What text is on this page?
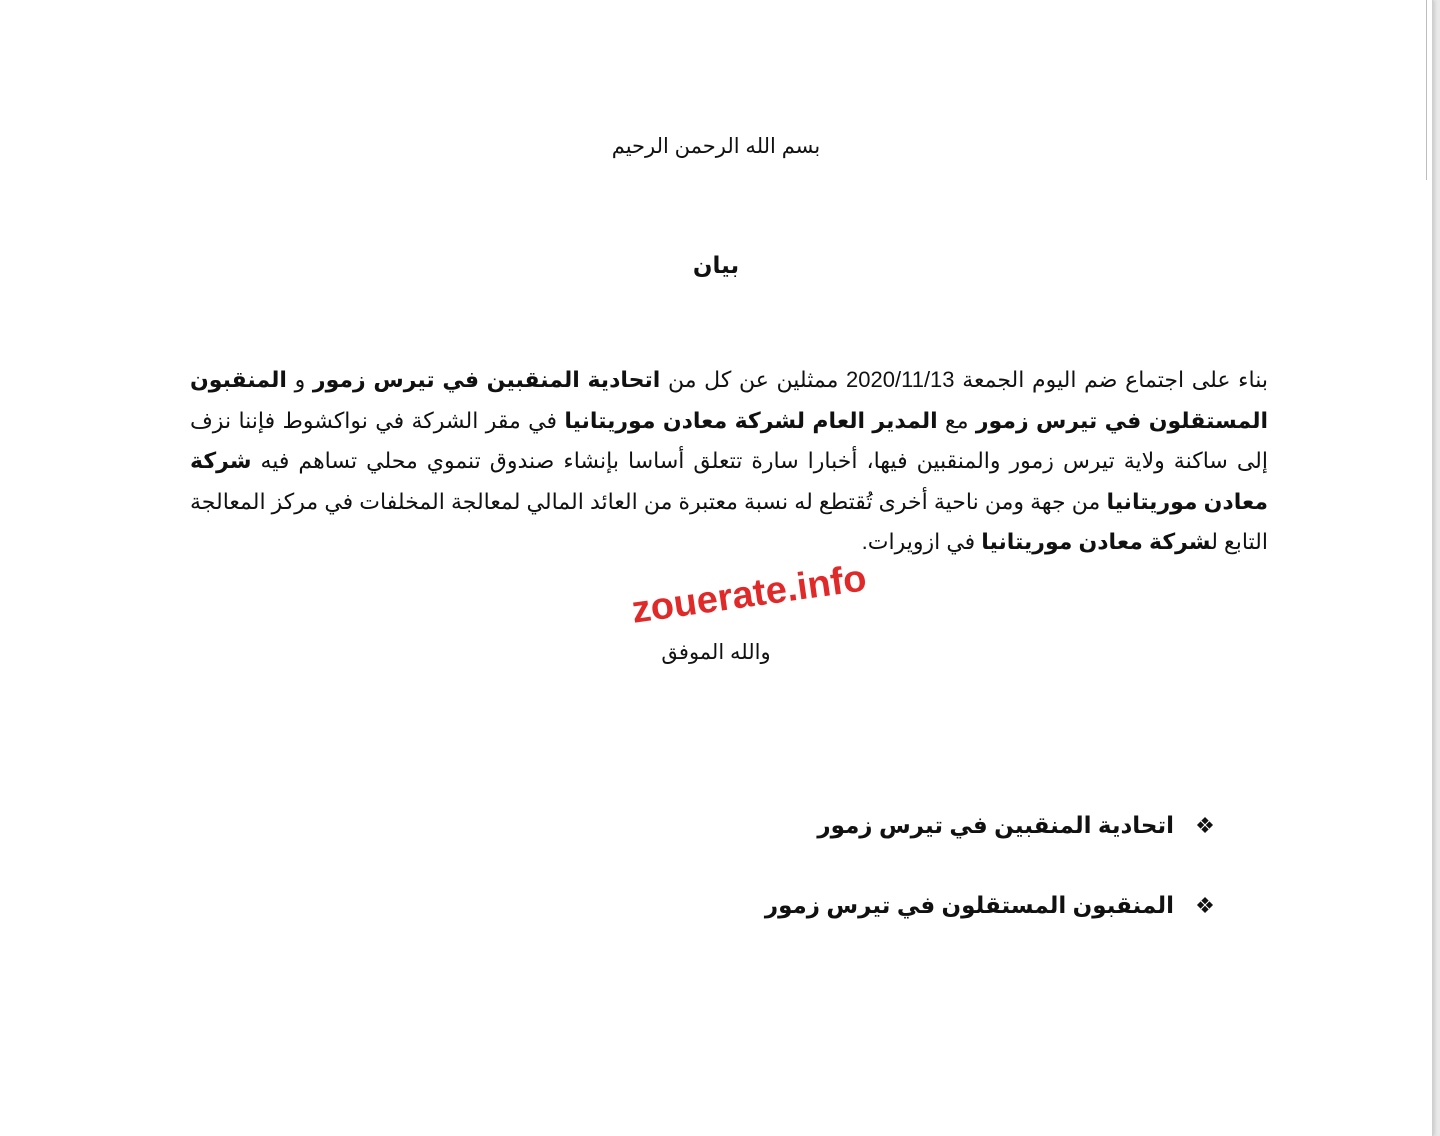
بسم الله الرحمن الرحيم
بيان
بناء على اجتماع ضم اليوم الجمعة 2020/11/13 ممثلين عن كل من اتحادية المنقبين في تيرس زمور و المنقبون المستقلون في تيرس زمور مع المدير العام لشركة معادن موريتانيا في مقر الشركة في نواكشوط فإننا نزف إلى ساكنة ولاية تيرس زمور والمنقبين فيها، أخبارا سارة تتعلق أساسا بإنشاء صندوق تنموي محلي تساهم فيه شركة معادن موريتانيا من جهة ومن ناحية أخرى تُقتطع له نسبة معتبرة من العائد المالي لمعالجة المخلفات في مركز المعالجة التابع لشركة معادن موريتانيا في ازويرات.
zouerate.info
والله الموفق
❖
اتحادية المنقبين في تيرس زمور
❖
المنقبون المستقلون في تيرس زمور
